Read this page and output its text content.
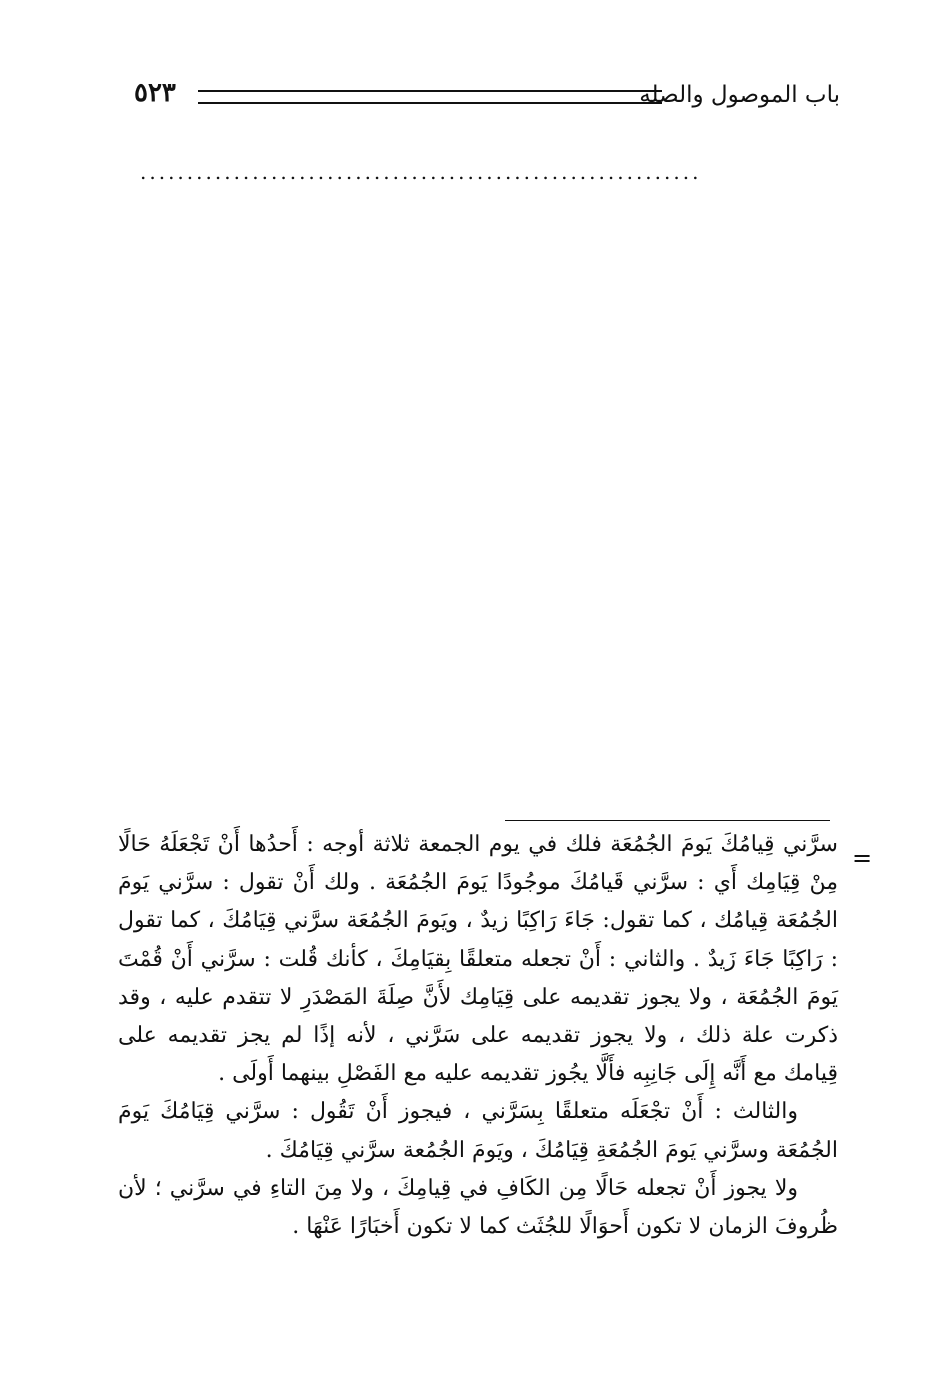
باب الموصول والصلة
٥٢٣
............................................................
=

سرَّني قِيامُكَ يَومَ الجُمُعَة فلك في يوم الجمعة ثلاثة أوجه : أَحدُها أَنْ تَجْعَلَهُ حَالًا مِنْ قِيَامِك أَي : سرَّني قَيامُكَ موجُودًا يَومَ الجُمُعَة . ولك أَنْ تقول : سرَّني يَومَ الجُمُعَة قِيامُك ، كما تقول: جَاءَ رَاكِبًا زيدٌ ، ويَومَ الجُمُعَة سرَّني قِيَامُكَ ، كما تقول : رَاكِبًا جَاءَ زَيدٌ . والثاني : أَنْ تجعله متعلقًا بِقيَامِكَ ، كأنك قُلت : سرَّني أَنْ قُمْتَ يَومَ الجُمُعَة ، ولا يجوز تقديمه على قِيَامِك لأَنَّ صِلَةَ المَصْدَرِ لا تتقدم عليه ، وقد ذكرت علة ذلك ، ولا يجوز تقديمه على سَرَّني ، لأنه إذًا لم يجز تقديمه على قِيامك مع أَنَّه إِلَى جَانِبِه فأَلَّا يجُوز تقديمه عليه مع الفَصْلِ بينهما أَولَى .

والثالث : أَنْ تجْعَلَه متعلقًا بِسَرَّني ، فيجوز أَنْ تَقُول : سرَّني قِيَامُكَ يَومَ الجُمُعَة وسرَّني يَومَ الجُمُعَةِ قِيَامُكَ ، ويَومَ الجُمُعة سرَّني قِيَامُكَ .

ولا يجوز أَنْ تجعله حَالًا مِن الكَافِ في قِيامِكَ ، ولا مِنَ التاءِ في سرَّني ؛ لأن ظُروفَ الزمان لا تكون أَحوَالًا للجُثَث كما لا تكون أَخبَارًا عَنْهَا .
